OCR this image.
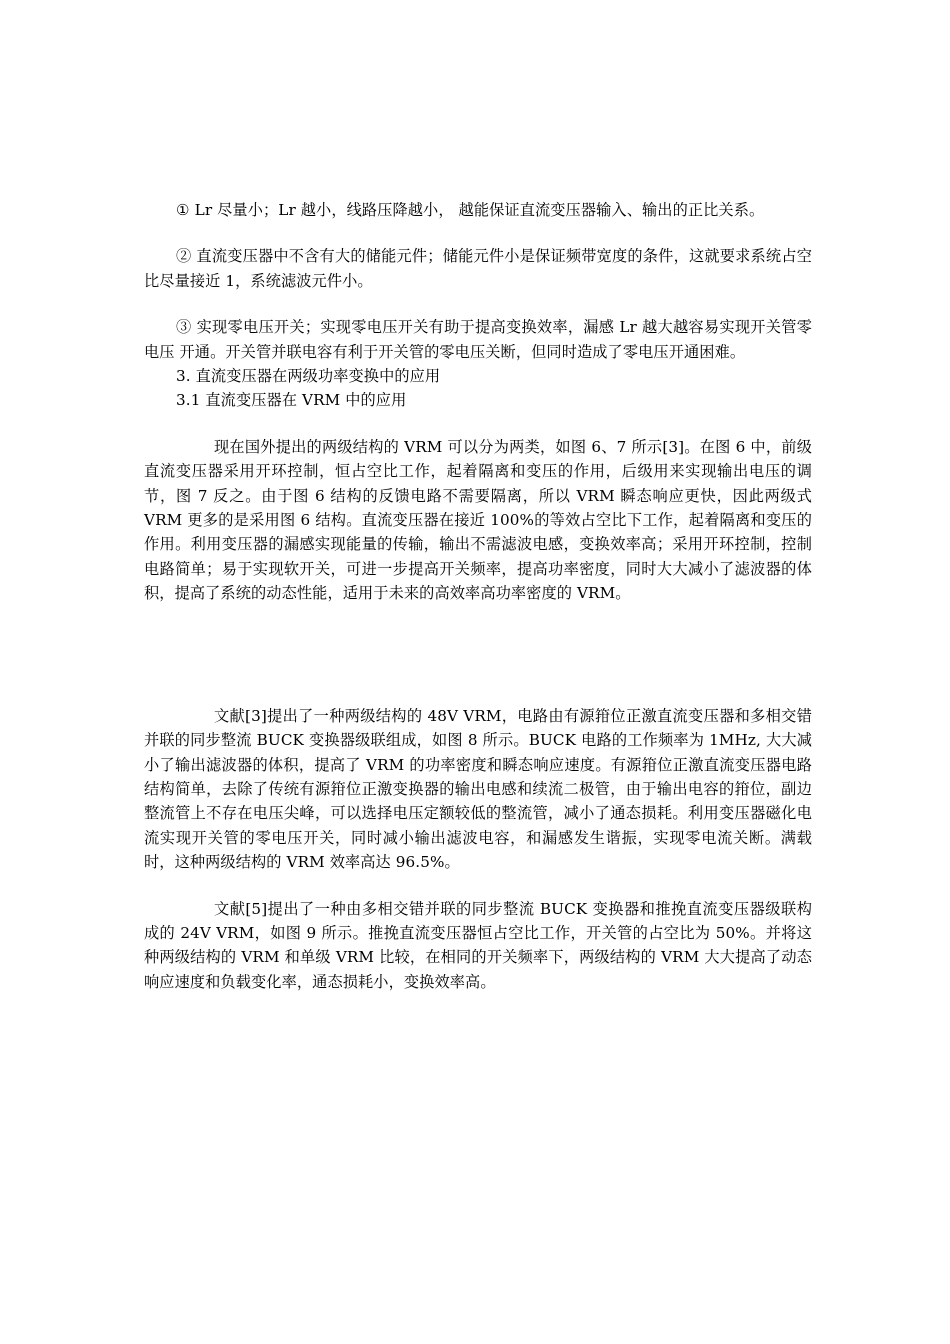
① Lr 尽量小；Lr 越小，线路压降越小， 越能保证直流变压器输入、输出的正比关系。

② 直流变压器中不含有大的储能元件；储能元件小是保证频带宽度的条件，这就要求系统占空比尽量接近 1，系统滤波元件小。

③ 实现零电压开关；实现零电压开关有助于提高变换效率，漏感 Lr 越大越容易实现开关管零电压 开通。开关管并联电容有利于开关管的零电压关断，但同时造成了零电压开通困难。

3. 直流变压器在两级功率变换中的应用

3.1 直流变压器在 VRM 中的应用

现在国外提出的两级结构的 VRM 可以分为两类，如图 6、7 所示[3]。在图 6 中，前级直流变压器采用开环控制，恒占空比工作，起着隔离和变压的作用，后级用来实现输出电压的调节，图 7 反之。由于图 6 结构的反馈电路不需要隔离，所以 VRM 瞬态响应更快，因此两级式 VRM 更多的是采用图 6 结构。直流变压器在接近 100%的等效占空比下工作，起着隔离和变压的作用。利用变压器的漏感实现能量的传输，输出不需滤波电感，变换效率高；采用开环控制，控制电路简单；易于实现软开关，可进一步提高开关频率，提高功率密度，同时大大减小了滤波器的体积，提高了系统的动态性能，适用于未来的高效率高功率密度的 VRM。

文献[3]提出了一种两级结构的 48V VRM，电路由有源箝位正激直流变压器和多相交错并联的同步整流 BUCK 变换器级联组成，如图 8 所示。BUCK 电路的工作频率为 1MHz, 大大减小了输出滤波器的体积，提高了 VRM 的功率密度和瞬态响应速度。有源箝位正激直流变压器电路结构简单，去除了传统有源箝位正激变换器的输出电感和续流二极管，由于输出电容的箝位，副边整流管上不存在电压尖峰，可以选择电压定额较低的整流管，减小了通态损耗。利用变压器磁化电流实现开关管的零电压开关，同时减小输出滤波电容，和漏感发生谐振，实现零电流关断。满载时，这种两级结构的 VRM 效率高达 96.5%。

文献[5]提出了一种由多相交错并联的同步整流 BUCK 变换器和推挽直流变压器级联构成的 24V VRM，如图 9 所示。推挽直流变压器恒占空比工作，开关管的占空比为 50%。并将这种两级结构的 VRM 和单级 VRM 比较，在相同的开关频率下，两级结构的 VRM 大大提高了动态响应速度和负载变化率，通态损耗小，变换效率高。
